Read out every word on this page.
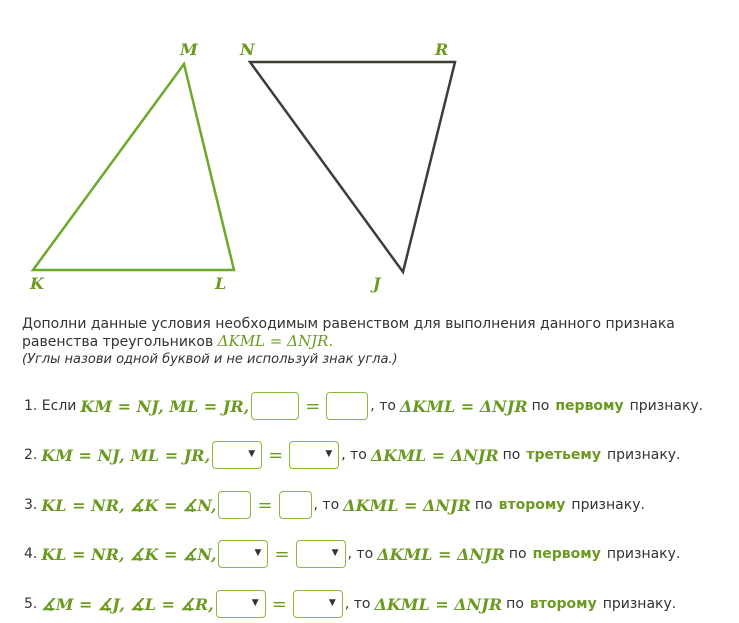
M
K	L
N	R
J
Дополни данные условия необходимым равенством для выполнения данного признака равенства треугольников ΔKML = ΔNJR.
(Углы назови одной буквой и не используй знак угла.)
1. Если KM = NJ, ML = JR,	=	, то ΔKML = ΔNJR по первому признаку.
2. KM = NJ, ML = JR,	▼ =	▼ , то ΔKML = ΔNJR по третьему признаку.
3. KL = NR, ∡K = ∡N, =	, то ΔKML = ΔNJR по второму признаку.
4. KL = NR, ∡K = ∡N,	▼ =	▼ , то ΔKML = ΔNJR по первому признаку.
5. ∡M = ∡J, ∡L = ∡R,	▼ =	▼ , то ΔKML = ΔNJR по второму признаку.
